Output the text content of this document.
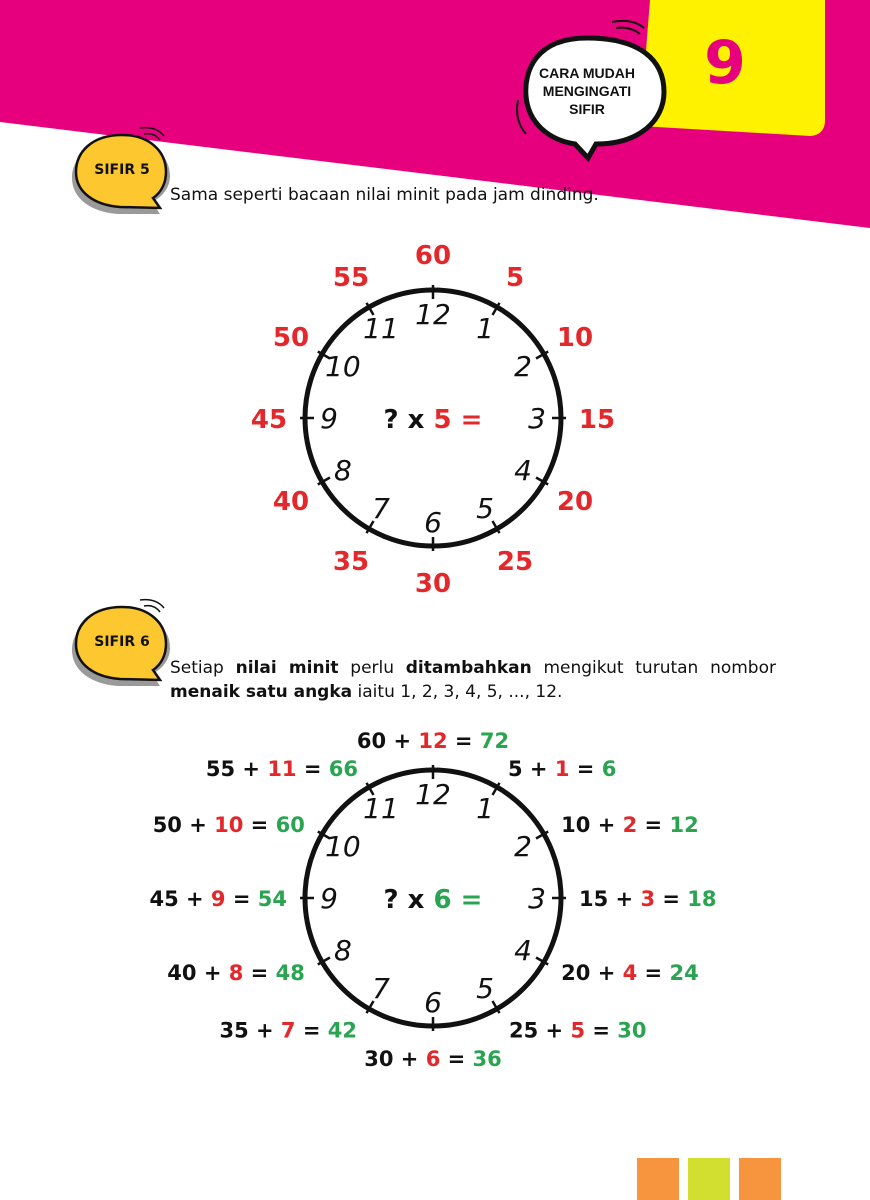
CARA MUDAH
MENGINGATI
SIFIR
9
SIFIR 5
Sama seperti bacaan nilai minit pada jam dinding.
12 1
2
3
4
5
6
7
8
9
10
11
? x 5 =
60
5
10
15
20
25
30
35
40
45
50
55
12 1
2
3
4
5
6
7
8
9
10
11
? x 6 =
60 + 12 = 72
5 + 1 = 6
10 + 2 = 12
15 + 3 = 18
20 + 4 = 24
25 + 5 = 30
30 + 6 = 36
35 + 7 = 42
40 + 8 = 48
45 + 9 = 54
50 + 10 = 60
55 + 11 = 66
SIFIR 6
Setiap nilai minit perlu ditambahkan mengikut turutan nombor
menaik satu angka iaitu 1, 2, 3, 4, 5, ..., 12.
